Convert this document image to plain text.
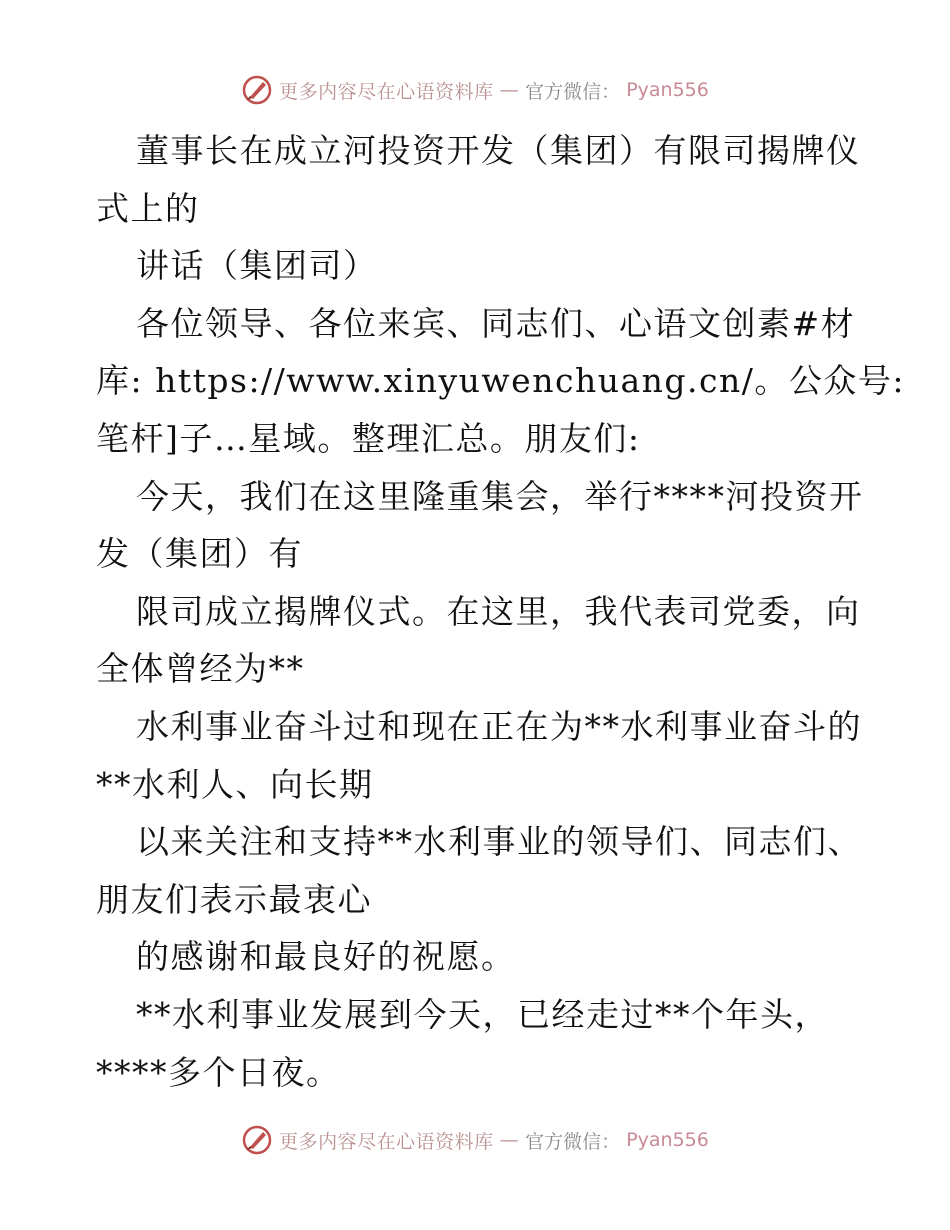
更多内容尽在心语资料库 — 官方微信： Pyan556
董事长在成立河投资开发（集团）有限司揭牌仪
式上的
讲话（集团司）
各位领导、各位来宾、同志们、心语文创素#材
库: https://www.xinyuwenchuang.cn/。公众号:
笔杆]子…星域。整理汇总。朋友们:
今天，我们在这里隆重集会，举行****河投资开
发（集团）有
限司成立揭牌仪式。在这里，我代表司党委，向
全体曾经为**
水利事业奋斗过和现在正在为**水利事业奋斗的
**水利人、向长期
以来关注和支持**水利事业的领导们、同志们、
朋友们表示最衷心
的感谢和最良好的祝愿。
**水利事业发展到今天，已经走过**个年头，
****多个日夜。
更多内容尽在心语资料库 — 官方微信： Pyan556
